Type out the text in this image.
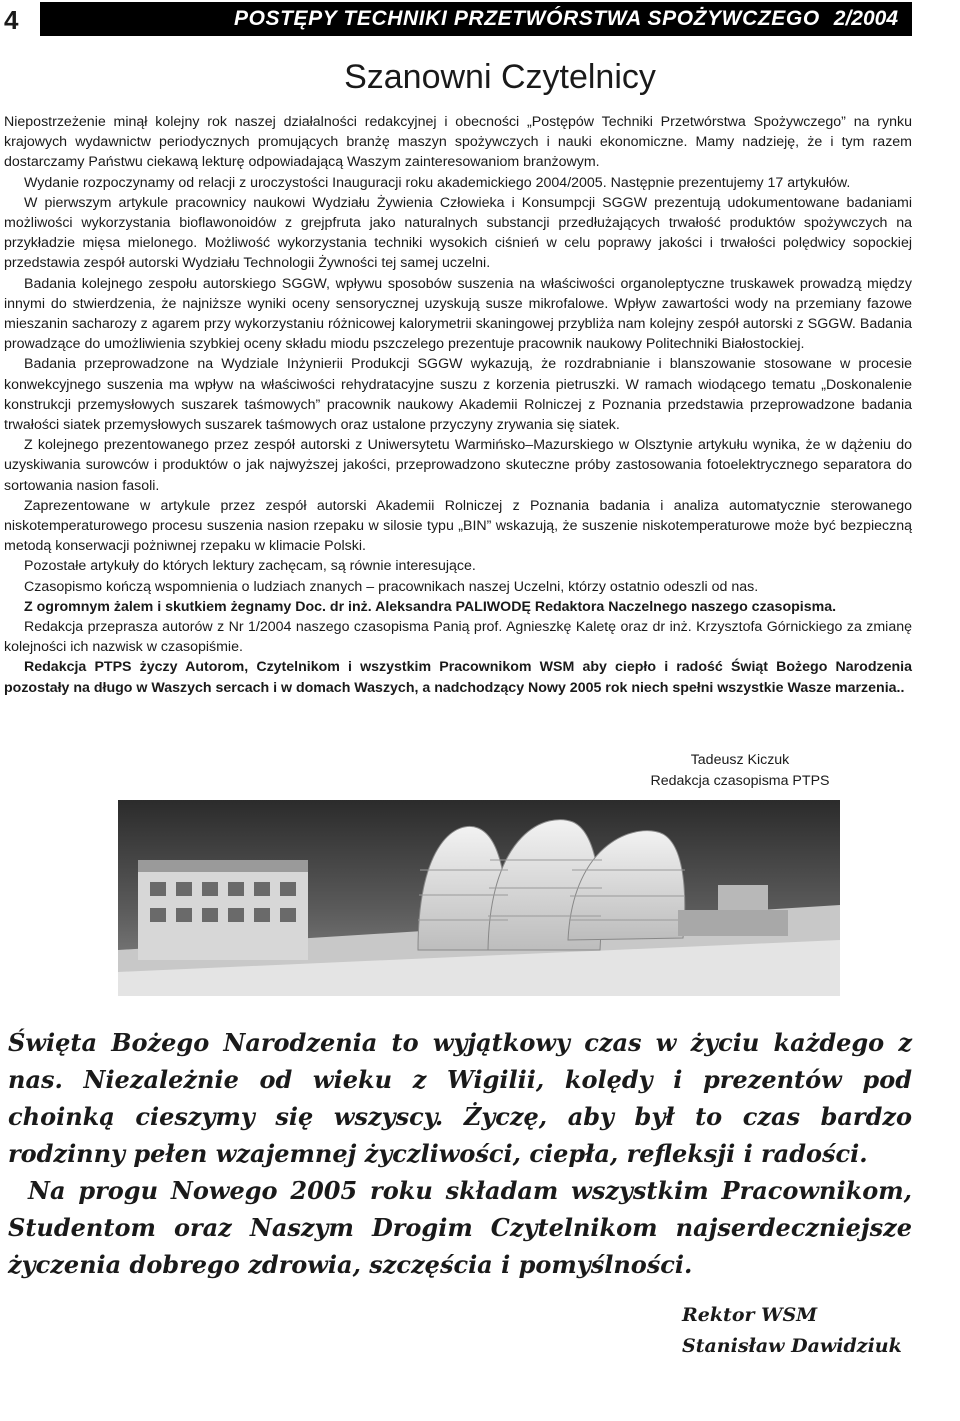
4	POSTĘPY TECHNIKI PRZETWÓRSTWA SPOŻYWCZEGO 2/2004
Szanowni Czytelnicy

Niepostrzeżenie minął kolejny rok naszej działalności redakcyjnej i obecności „Postępów Techniki Przetwórstwa Spożywczego” na rynku krajowych wydawnictw periodycznych promujących branżę maszyn spożywczych i nauki ekonomiczne. Mamy nadzieję, że i tym razem dostarczamy Państwu ciekawą lekturę odpowiadającą Waszym zainteresowaniom branżowym.

Wydanie rozpoczynamy od relacji z uroczystości Inauguracji roku akademickiego 2004/2005. Następnie prezentujemy 17 artykułów.

W pierwszym artykule pracownicy naukowi Wydziału Żywienia Człowieka i Konsumpcji SGGW prezentują udokumentowane badaniami możliwości wykorzystania bioflawonoidów z grejpfruta jako naturalnych substancji przedłużających trwałość produktów spożywczych na przykładzie mięsa mielonego. Możliwość wykorzystania techniki wysokich ciśnień w celu poprawy jakości i trwałości polędwicy sopockiej przedstawia zespół autorski Wydziału Technologii Żywności tej samej uczelni.

Badania kolejnego zespołu autorskiego SGGW, wpływu sposobów suszenia na właściwości organoleptyczne truskawek prowadzą między innymi do stwierdzenia, że najniższe wyniki oceny sensorycznej uzyskują susze mikrofalowe. Wpływ zawartości wody na przemiany fazowe mieszanin sacharozy z agarem przy wykorzystaniu różnicowej kalorymetrii skaningowej przybliża nam kolejny zespół autorski z SGGW. Badania prowadzące do umożliwienia szybkiej oceny składu miodu pszczelego prezentuje pracownik naukowy Politechniki Białostockiej.

Badania przeprowadzone na Wydziale Inżynierii Produkcji SGGW wykazują, że rozdrabnianie i blanszowanie stosowane w procesie konwekcyjnego suszenia ma wpływ na właściwości rehydratacyjne suszu z korzenia pietruszki. W ramach wiodącego tematu „Doskonalenie konstrukcji przemysłowych suszarek taśmowych” pracownik naukowy Akademii Rolniczej z Poznania przedstawia przeprowadzone badania trwałości siatek przemysłowych suszarek taśmowych oraz ustalone przyczyny zrywania się siatek.

Z kolejnego prezentowanego przez zespół autorski z Uniwersytetu Warmińsko–Mazurskiego w Olsztynie artykułu wynika, że w dążeniu do uzyskiwania surowców i produktów o jak najwyższej jakości, przeprowadzono skuteczne próby zastosowania fotoelektrycznego separatora do sortowania nasion fasoli.

Zaprezentowane w artykule przez zespół autorski Akademii Rolniczej z Poznania badania i analiza automatycznie sterowanego niskotemperaturowego procesu suszenia nasion rzepaku w silosie typu „BIN” wskazują, że suszenie niskotemperaturowe może być bezpieczną metodą konserwacji pożniwnej rzepaku w klimacie Polski.

Pozostałe artykuły do których lektury zachęcam, są równie interesujące.

Czasopismo kończą wspomnienia o ludziach znanych – pracownikach naszej Uczelni, którzy ostatnio odeszli od nas.

Z ogromnym żalem i skutkiem żegnamy Doc. dr inż. Aleksandra PALIWODĘ Redaktora Naczelnego naszego czasopisma.

Redakcja przeprasza autorów z Nr 1/2004 naszego czasopisma Panią prof. Agnieszkę Kaletę oraz dr inż. Krzysztofa Górnickiego za zmianę kolejności ich nazwisk w czasopiśmie.

Redakcja PTPS życzy Autorom, Czytelnikom i wszystkim Pracownikom WSM aby ciepło i radość Świąt Bożego Narodzenia pozostały na długo w Waszych sercach i w domach Waszych, a nadchodzący Nowy 2005 rok niech spełni wszystkie Wasze marzenia..

Tadeusz Kiczuk
Redakcja czasopisma PTPS

Święta Bożego Narodzenia to wyjątkowy czas w życiu każdego z nas. Niezależnie od wieku z Wigilii, kolędy i prezentów pod choinką cieszymy się wszyscy. Życzę, aby był to czas bardzo rodzinny pełen wzajemnej życzliwości, ciepła, refleksji i radości.

Na progu Nowego 2005 roku składam wszystkim Pracownikom, Studentom oraz Naszym Drogim Czytelnikom najserdeczniejsze życzenia dobrego zdrowia, szczęścia i pomyślności.

Rektor WSM
Stanisław Dawidziuk
